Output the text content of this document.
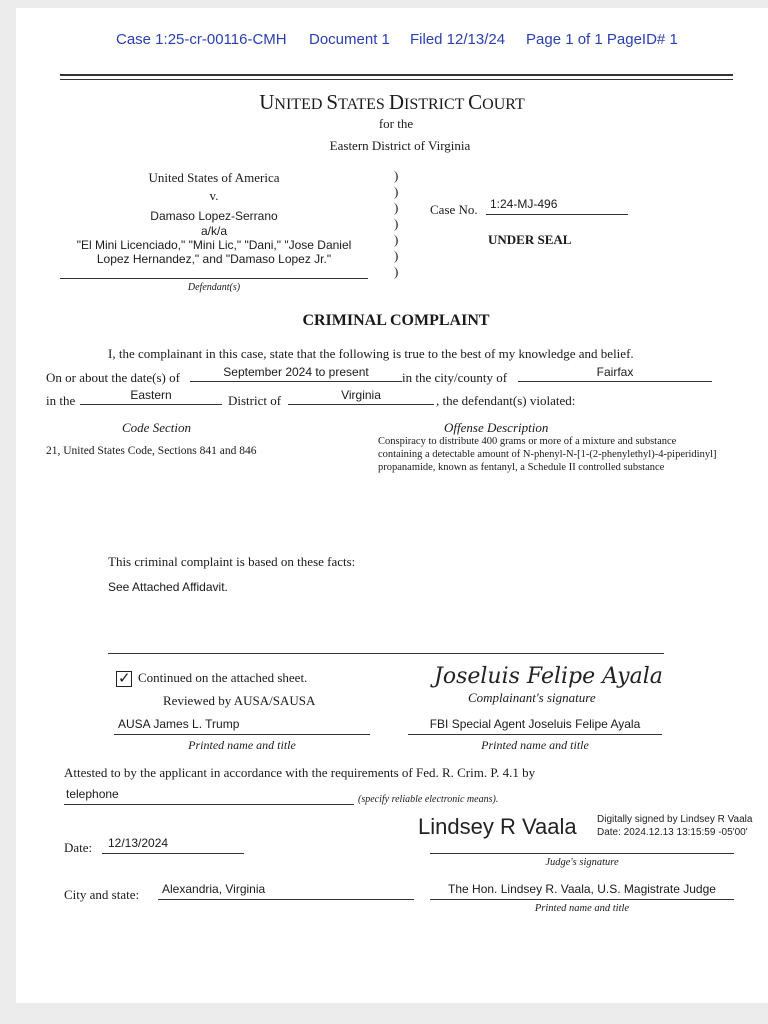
Case 1:25-cr-00116-CMH Document 1 Filed 12/13/24 Page 1 of 1 PageID# 1
UNITED STATES DISTRICT COURT
for the
Eastern District of Virginia
United States of America
v.
Damaso Lopez-Serrano
a/k/a
"El Mini Licenciado," "Mini Lic," "Dani," "Jose Daniel
Lopez Hernandez," and "Damaso Lopez Jr."
Defendant(s)
)
)
)
)
)
)
)
Case No. 1:24-MJ-496
UNDER SEAL
CRIMINAL COMPLAINT
I, the complainant in this case, state that the following is true to the best of my knowledge and belief.
On or about the date(s) of	September 2024 to present	in the city/county of	Fairfax
in the	Eastern	District of	Virginia	, the defendant(s) violated:
Code Section	Offense Description
21, United States Code, Sections 841 and 846
Conspiracy to distribute 400 grams or more of a mixture and substance
containing a detectable amount of N-phenyl-N-[1-(2-phenylethyl)-4-piperidinyl]
propanamide, known as fentanyl, a Schedule II controlled substance
This criminal complaint is based on these facts:
See Attached Affidavit.
✓ Continued on the attached sheet.
Reviewed by AUSA/SAUSA
Joseluis Felipe Ayala
Complainant's signature
AUSA James L. Trump
Printed name and title
FBI Special Agent Joseluis Felipe Ayala
Printed name and title
Attested to by the applicant in accordance with the requirements of Fed. R. Crim. P. 4.1 by
telephone	(specify reliable electronic means).
Lindsey R Vaala Digitally signed by Lindsey R Vaala
Date: 2024.12.13 13:15:59 -05'00'
Judge's signature
Date: 12/13/2024
City and state: Alexandria, Virginia	The Hon. Lindsey R. Vaala, U.S. Magistrate Judge
Printed name and title
